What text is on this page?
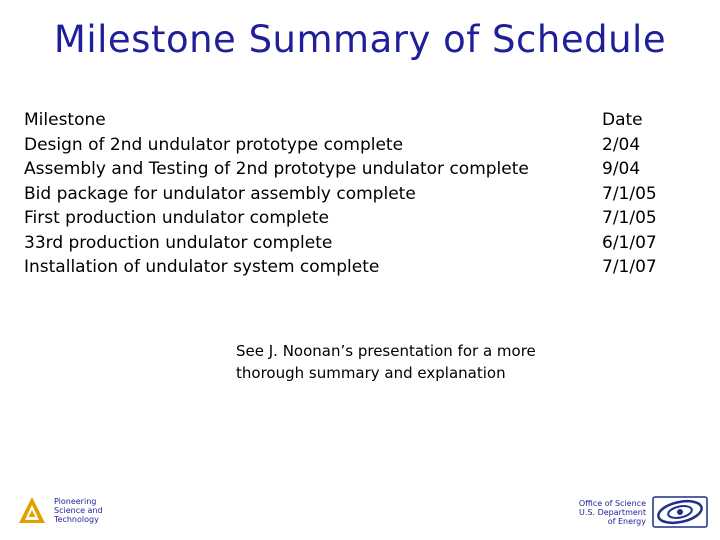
Milestone Summary of Schedule
Milestone	Date
Design of 2nd undulator prototype complete	2/04
Assembly and Testing of 2nd prototype undulator complete	9/04
Bid package for undulator assembly complete	7/1/05
First production undulator complete	7/1/05
33rd production undulator complete	6/1/07
Installation of undulator system complete	7/1/07
See J. Noonan’s presentation for a more thorough summary and explanation
Pioneering
Science and
Technology
Office of Science
U.S. Department
of Energy
